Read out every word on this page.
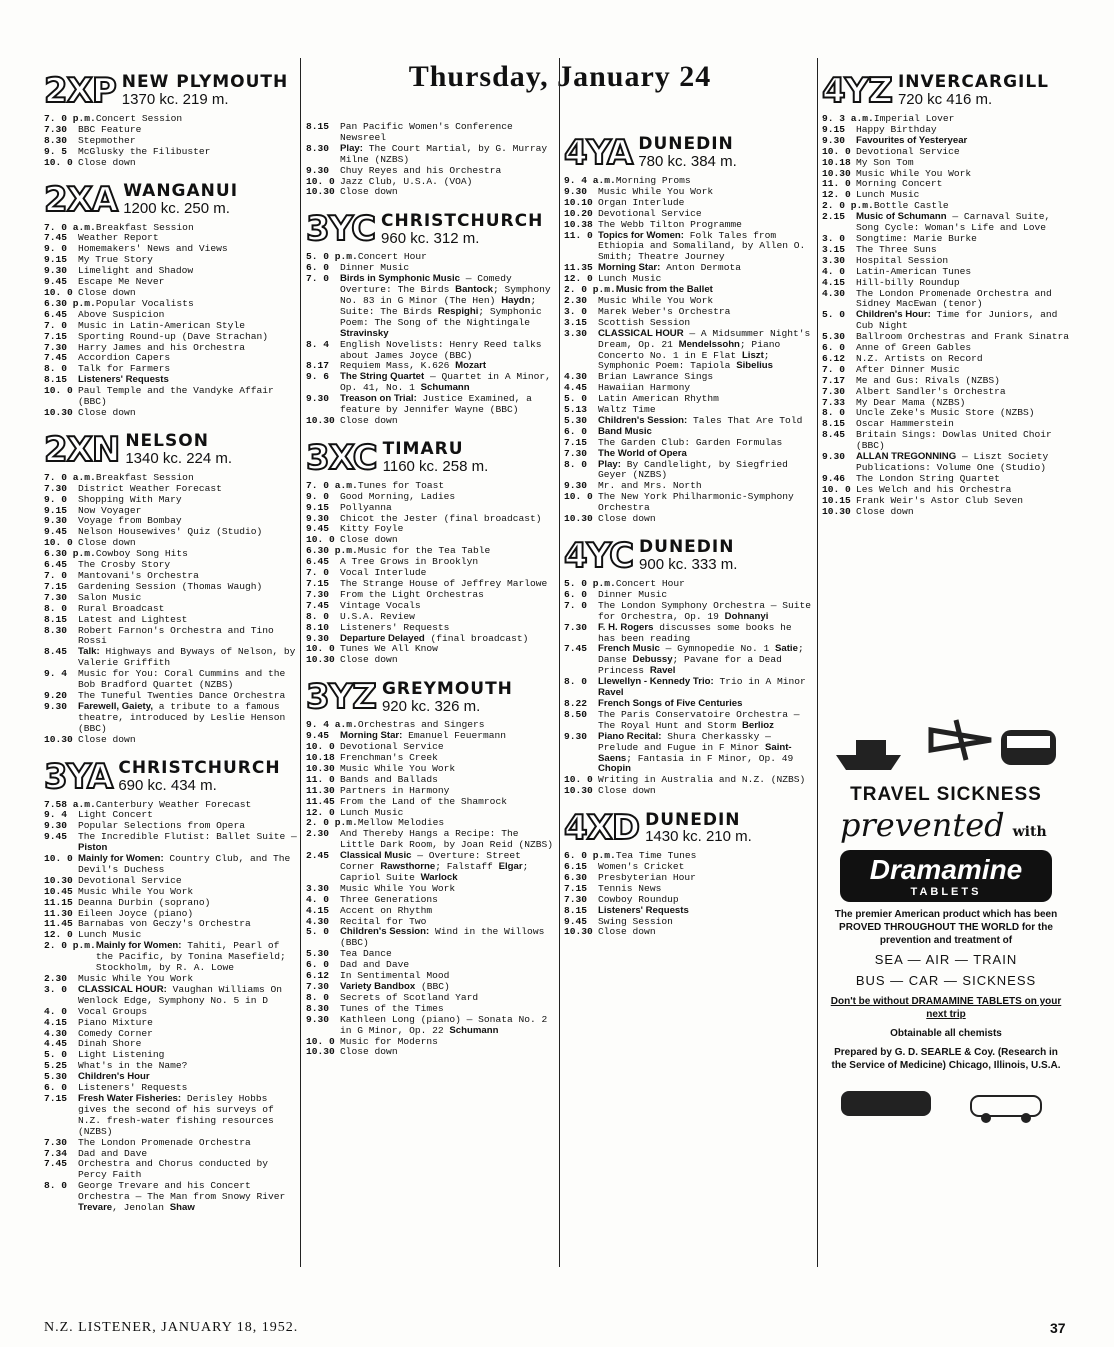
Thursday, January 24
2XP NEW PLYMOUTH
1370 kc. 219 m.
7. 0 p.m. Concert Session
7.30	BBC Feature
8.30	Stepmother
9. 5	McGlusky the Filibuster
10. 0 Close down
2XA WANGANUI
1200 kc. 250 m.
7. 0 a.m. Breakfast Session
7.45	Weather Report
9. 0	Homemakers' News and Views
9.15	My True Story
9.30	Limelight and Shadow
9.45	Escape Me Never
10. 0 Close down
6.30 p.m. Popular Vocalists
6.45	Above Suspicion
7. 0	Music in Latin-American Style
7.15	Sporting Round-up (Dave Strachan)
7.30	Harry James and his Orchestra
7.45	Accordion Capers
8. 0	Talk for Farmers
8.15	Listeners' Requests
10. 0 Paul Temple and the Vandyke Affair (BBC)
10.30 Close down
2XN NELSON
1340 kc. 224 m.
7. 0 a.m. Breakfast Session
7.30	District Weather Forecast
9. 0	Shopping With Mary
9.15	Now Voyager
9.30	Voyage from Bombay
9.45	Nelson Housewives' Quiz (Studio)
10. 0 Close down
6.30 p.m. Cowboy Song Hits
6.45	The Crosby Story
7. 0	Mantovani's Orchestra
7.15	Gardening Session (Thomas Waugh)
7.30	Salon Music
8. 0	Rural Broadcast
8.15	Latest and Lightest
8.30	Robert Farnon's Orchestra and Tino Rossi
8.45	Talk: Highways and Byways of Nelson, by Valerie Griffith
9. 4	Music for You: Coral Cummins and the Bob Bradford Quartet (NZBS)
9.20	The Tuneful Twenties Dance Orchestra
9.30	Farewell, Gaiety, a tribute to a famous theatre, introduced by Leslie Henson (BBC)
10.30 Close down
3YA CHRISTCHURCH
690 kc. 434 m.
7.58 a.m. Canterbury Weather Forecast
9. 4	Light Concert
9.30	Popular Selections from Opera
9.45	The Incredible Flutist: Ballet Suite — Piston
10. 0 Mainly for Women: Country Club, and The Devil's Duchess
10.30 Devotional Service
10.45 Music While You Work
11.15 Deanna Durbin (soprano)
11.30 Eileen Joyce (piano)
11.45 Barnabas von Geczy's Orchestra
12. 0 Lunch Music
2. 0 p.m. Mainly for Women: Tahiti, Pearl of the Pacific, by Tonina Masefield; Stockholm, by R. A. Lowe
2.30	Music While You Work
3. 0	CLASSICAL HOUR: Vaughan Williams On Wenlock Edge, Symphony No. 5 in D
4. 0	Vocal Groups
4.15	Piano Mixture
4.30	Comedy Corner
4.45	Dinah Shore
5. 0	Light Listening
5.25	What's in the Name?
5.30	Children's Hour
6. 0	Listeners' Requests
7.15	Fresh Water Fisheries: Derisley Hobbs gives the second of his surveys of N.Z. fresh-water fishing resources (NZBS)
7.30	The London Promenade Orchestra
7.34	Dad and Dave
7.45	Orchestra and Chorus conducted by Percy Faith
8. 0	George Trevare and his Concert Orchestra — The Man from Snowy River Trevare, Jenolan Shaw
8.15	Pan Pacific Women's Conference Newsreel
8.30	Play: The Court Martial, by G. Murray Milne (NZBS)
9.30	Chuy Reyes and his Orchestra
10. 0 Jazz Club, U.S.A. (VOA)
10.30 Close down
3YC CHRISTCHURCH
960 kc. 312 m.
5. 0 p.m. Concert Hour
6. 0	Dinner Music
7. 0	Birds in Symphonic Music — Comedy Overture: The Birds Bantock; Symphony No. 83 in G Minor (The Hen) Haydn; Suite: The Birds Respighi; Symphonic Poem: The Song of the Nightingale Stravinsky
8. 4	English Novelists: Henry Reed talks about James Joyce (BBC)
8.17	Requiem Mass, K.626 Mozart
9. 6	The String Quartet — Quartet in A Minor, Op. 41, No. 1 Schumann
9.30	Treason on Trial: Justice Examined, a feature by Jennifer Wayne (BBC)
10.30 Close down
3XC TIMARU
1160 kc. 258 m.
7. 0 a.m. Tunes for Toast
9. 0	Good Morning, Ladies
9.15	Pollyanna
9.30	Chicot the Jester (final broadcast)
9.45	Kitty Foyle
10. 0 Close down
6.30 p.m. Music for the Tea Table
6.45	A Tree Grows in Brooklyn
7. 0	Vocal Interlude
7.15	The Strange House of Jeffrey Marlowe
7.30	From the Light Orchestras
7.45	Vintage Vocals
8. 0	U.S.A. Review
8.10	Listeners' Requests
9.30	Departure Delayed (final broadcast)
10. 0 Tunes We All Know
10.30 Close down
3YZ GREYMOUTH
920 kc. 326 m.
9. 4 a.m. Orchestras and Singers
9.45	Morning Star: Emanuel Feuermann
10. 0 Devotional Service
10.18 Frenchman's Creek
10.30 Music While You Work
11. 0 Bands and Ballads
11.30 Partners in Harmony
11.45 From the Land of the Shamrock
12. 0 Lunch Music
2. 0 p.m. Mellow Melodies
2.30	And Thereby Hangs a Recipe: The Little Dark Room, by Joan Reid (NZBS)
2.45	Classical Music — Overture: Street Corner Rawsthorne; Falstaff Elgar; Capriol Suite Warlock
3.30	Music While You Work
4. 0	Three Generations
4.15	Accent on Rhythm
4.30	Recital for Two
5. 0	Children's Session: Wind in the Willows (BBC)
5.30	Tea Dance
6. 0	Dad and Dave
6.12	In Sentimental Mood
7.30	Variety Bandbox (BBC)
8. 0	Secrets of Scotland Yard
8.30	Tunes of the Times
9.30	Kathleen Long (piano) — Sonata No. 2 in G Minor, Op. 22 Schumann
10. 0 Music for Moderns
10.30 Close down
4YA DUNEDIN
780 kc. 384 m.
9. 4 a.m. Morning Proms
9.30	Music While You Work
10.10 Organ Interlude
10.20 Devotional Service
10.38 The Webb Tilton Programme
11. 0 Topics for Women: Folk Tales from Ethiopia and Somaliland, by Allen O. Smith; Theatre Journey
11.35 Morning Star: Anton Dermota
12. 0 Lunch Music
2. 0 p.m. Music from the Ballet
2.30	Music While You Work
3. 0	Marek Weber's Orchestra
3.15	Scottish Session
3.30	CLASSICAL HOUR — A Midsummer Night's Dream, Op. 21 Mendelssohn; Piano Concerto No. 1 in E Flat Liszt; Symphonic Poem: Tapiola Sibelius
4.30	Brian Lawrance Sings
4.45	Hawaiian Harmony
5. 0	Latin American Rhythm
5.13	Waltz Time
5.30	Children's Session: Tales That Are Told
6. 0	Band Music
7.15	The Garden Club: Garden Formulas
7.30	The World of Opera
8. 0	Play: By Candlelight, by Siegfried Geyer (NZBS)
9.30	Mr. and Mrs. North
10. 0 The New York Philharmonic-Symphony Orchestra
10.30 Close down
4YC DUNEDIN
900 kc. 333 m.
5. 0 p.m. Concert Hour
6. 0	Dinner Music
7. 0	The London Symphony Orchestra — Suite for Orchestra, Op. 19 Dohnanyi
7.30	F. H. Rogers discusses some books he has been reading
7.45	French Music — Gymnopedie No. 1 Satie; Danse Debussy; Pavane for a Dead Princess Ravel
8. 0	Llewellyn - Kennedy Trio: Trio in A Minor Ravel
8.22	French Songs of Five Centuries
8.50	The Paris Conservatoire Orchestra — The Royal Hunt and Storm Berlioz
9.30	Piano Recital: Shura Cherkassky — Prelude and Fugue in F Minor Saint-Saens; Fantasia in F Minor, Op. 49 Chopin
10. 0 Writing in Australia and N.Z. (NZBS)
10.30 Close down
4XD DUNEDIN
1430 kc. 210 m.
6. 0 p.m. Tea Time Tunes
6.15	Women's Cricket
6.30	Presbyterian Hour
7.15	Tennis News
7.30	Cowboy Roundup
8.15	Listeners' Requests
9.45	Swing Session
10.30 Close down
4YZ INVERCARGILL
720 kc 416 m.
9. 3 a.m. Imperial Lover
9.15	Happy Birthday
9.30	Favourites of Yesteryear
10. 0 Devotional Service
10.18 My Son Tom
10.30 Music While You Work
11. 0 Morning Concert
12. 0 Lunch Music
2. 0 p.m. Bottle Castle
2.15	Music of Schumann — Carnaval Suite, Song Cycle: Woman's Life and Love
3. 0	Songtime: Marie Burke
3.15	The Three Suns
3.30	Hospital Session
4. 0	Latin-American Tunes
4.15	Hill-billy Roundup
4.30	The London Promenade Orchestra and Sidney MacEwan (tenor)
5. 0	Children's Hour: Time for Juniors, and Cub Night
5.30	Ballroom Orchestras and Frank Sinatra
6. 0	Anne of Green Gables
6.12	N.Z. Artists on Record
7. 0	After Dinner Music
7.17	Me and Gus: Rivals (NZBS)
7.30	Albert Sandler's Orchestra
7.33	My Dear Mama (NZBS)
8. 0	Uncle Zeke's Music Store (NZBS)
8.15	Oscar Hammerstein
8.45	Britain Sings: Dowlas United Choir (BBC)
9.30	ALLAN TREGONNING — Liszt Society Publications: Volume One (Studio)
9.46	The London String Quartet
10. 0 Les Welch and his Orchestra
10.15 Frank Weir's Astor Club Seven
10.30 Close down
TRAVEL SICKNESS
prevented with
Dramamine
TABLETS
The premier American product which has been PROVED THROUGHOUT THE WORLD for the prevention and treatment of
SEA — AIR — TRAIN
BUS — CAR — SICKNESS
Don't be without DRAMAMINE TABLETS on your next trip
Obtainable all chemists
Prepared by G. D. SEARLE & Coy. (Research in the Service of Medicine) Chicago, Illinois, U.S.A.
N.Z. LISTENER, JANUARY 18, 1952.	37
